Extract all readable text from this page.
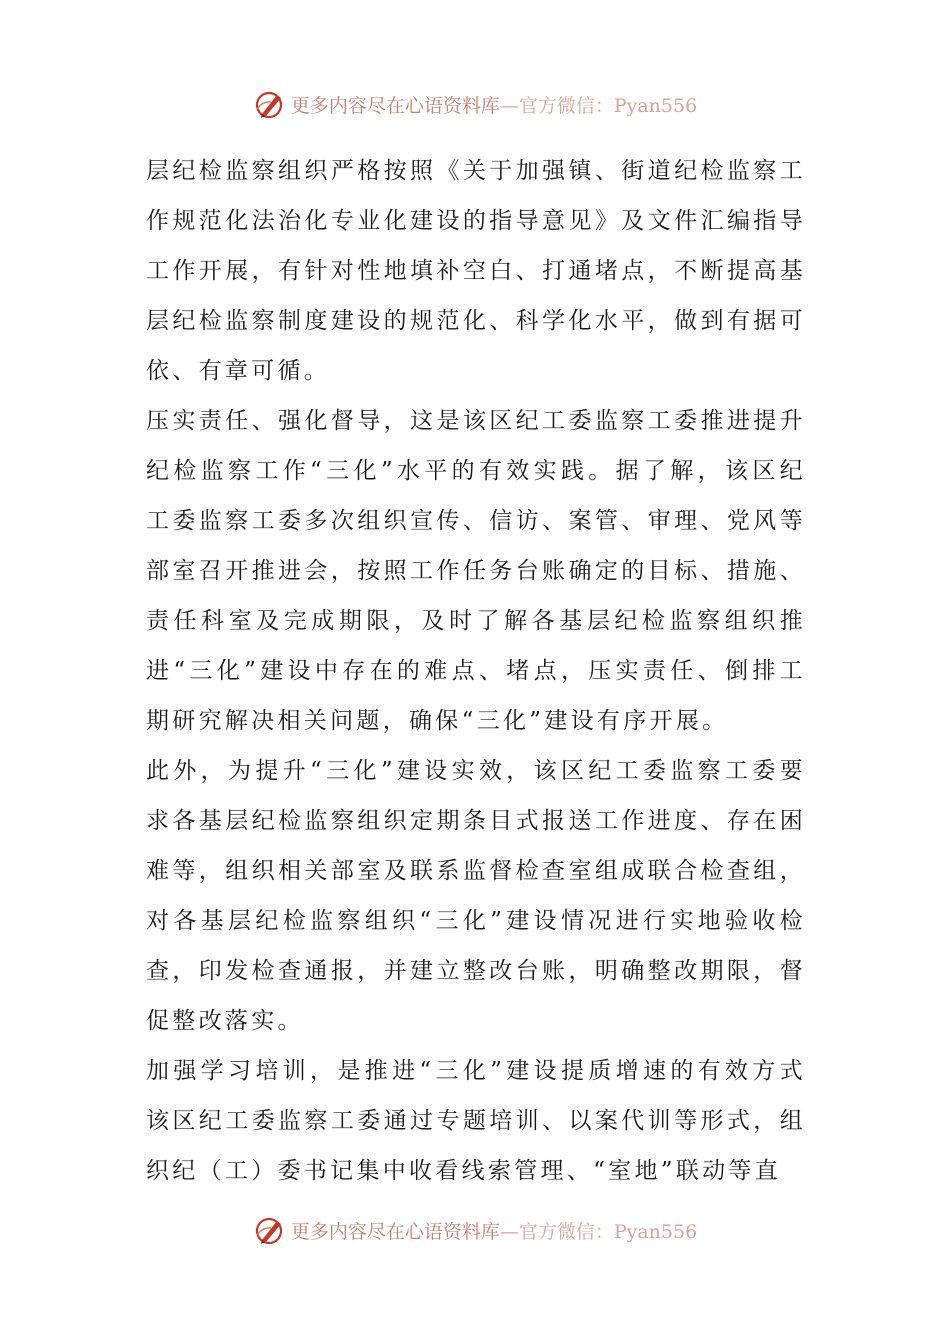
更多内容尽在心语资料库—官方微信：Pyan556

层纪检监察组织严格按照《关于加强镇、街道纪检监察工作规范化法治化专业化建设的指导意见》及文件汇编指导工作开展，有针对性地填补空白、打通堵点，不断提高基层纪检监察制度建设的规范化、科学化水平，做到有据可依、有章可循。

压实责任、强化督导，这是该区纪工委监察工委推进提升纪检监察工作“三化”水平的有效实践。据了解，该区纪工委监察工委多次组织宣传、信访、案管、审理、党风等部室召开推进会，按照工作任务台账确定的目标、措施、责任科室及完成期限，及时了解各基层纪检监察组织推进“三化”建设中存在的难点、堵点，压实责任、倒排工期研究解决相关问题，确保“三化”建设有序开展。

此外，为提升“三化”建设实效，该区纪工委监察工委要求各基层纪检监察组织定期条目式报送工作进度、存在困难等，组织相关部室及联系监督检查室组成联合检查组，对各基层纪检监察组织“三化”建设情况进行实地验收检查，印发检查通报，并建立整改台账，明确整改期限，督促整改落实。

加强学习培训，是推进“三化”建设提质增速的有效方式该区纪工委监察工委通过专题培训、以案代训等形式，组织纪（工）委书记集中收看线索管理、“室地”联动等直

更多内容尽在心语资料库—官方微信：Pyan556
